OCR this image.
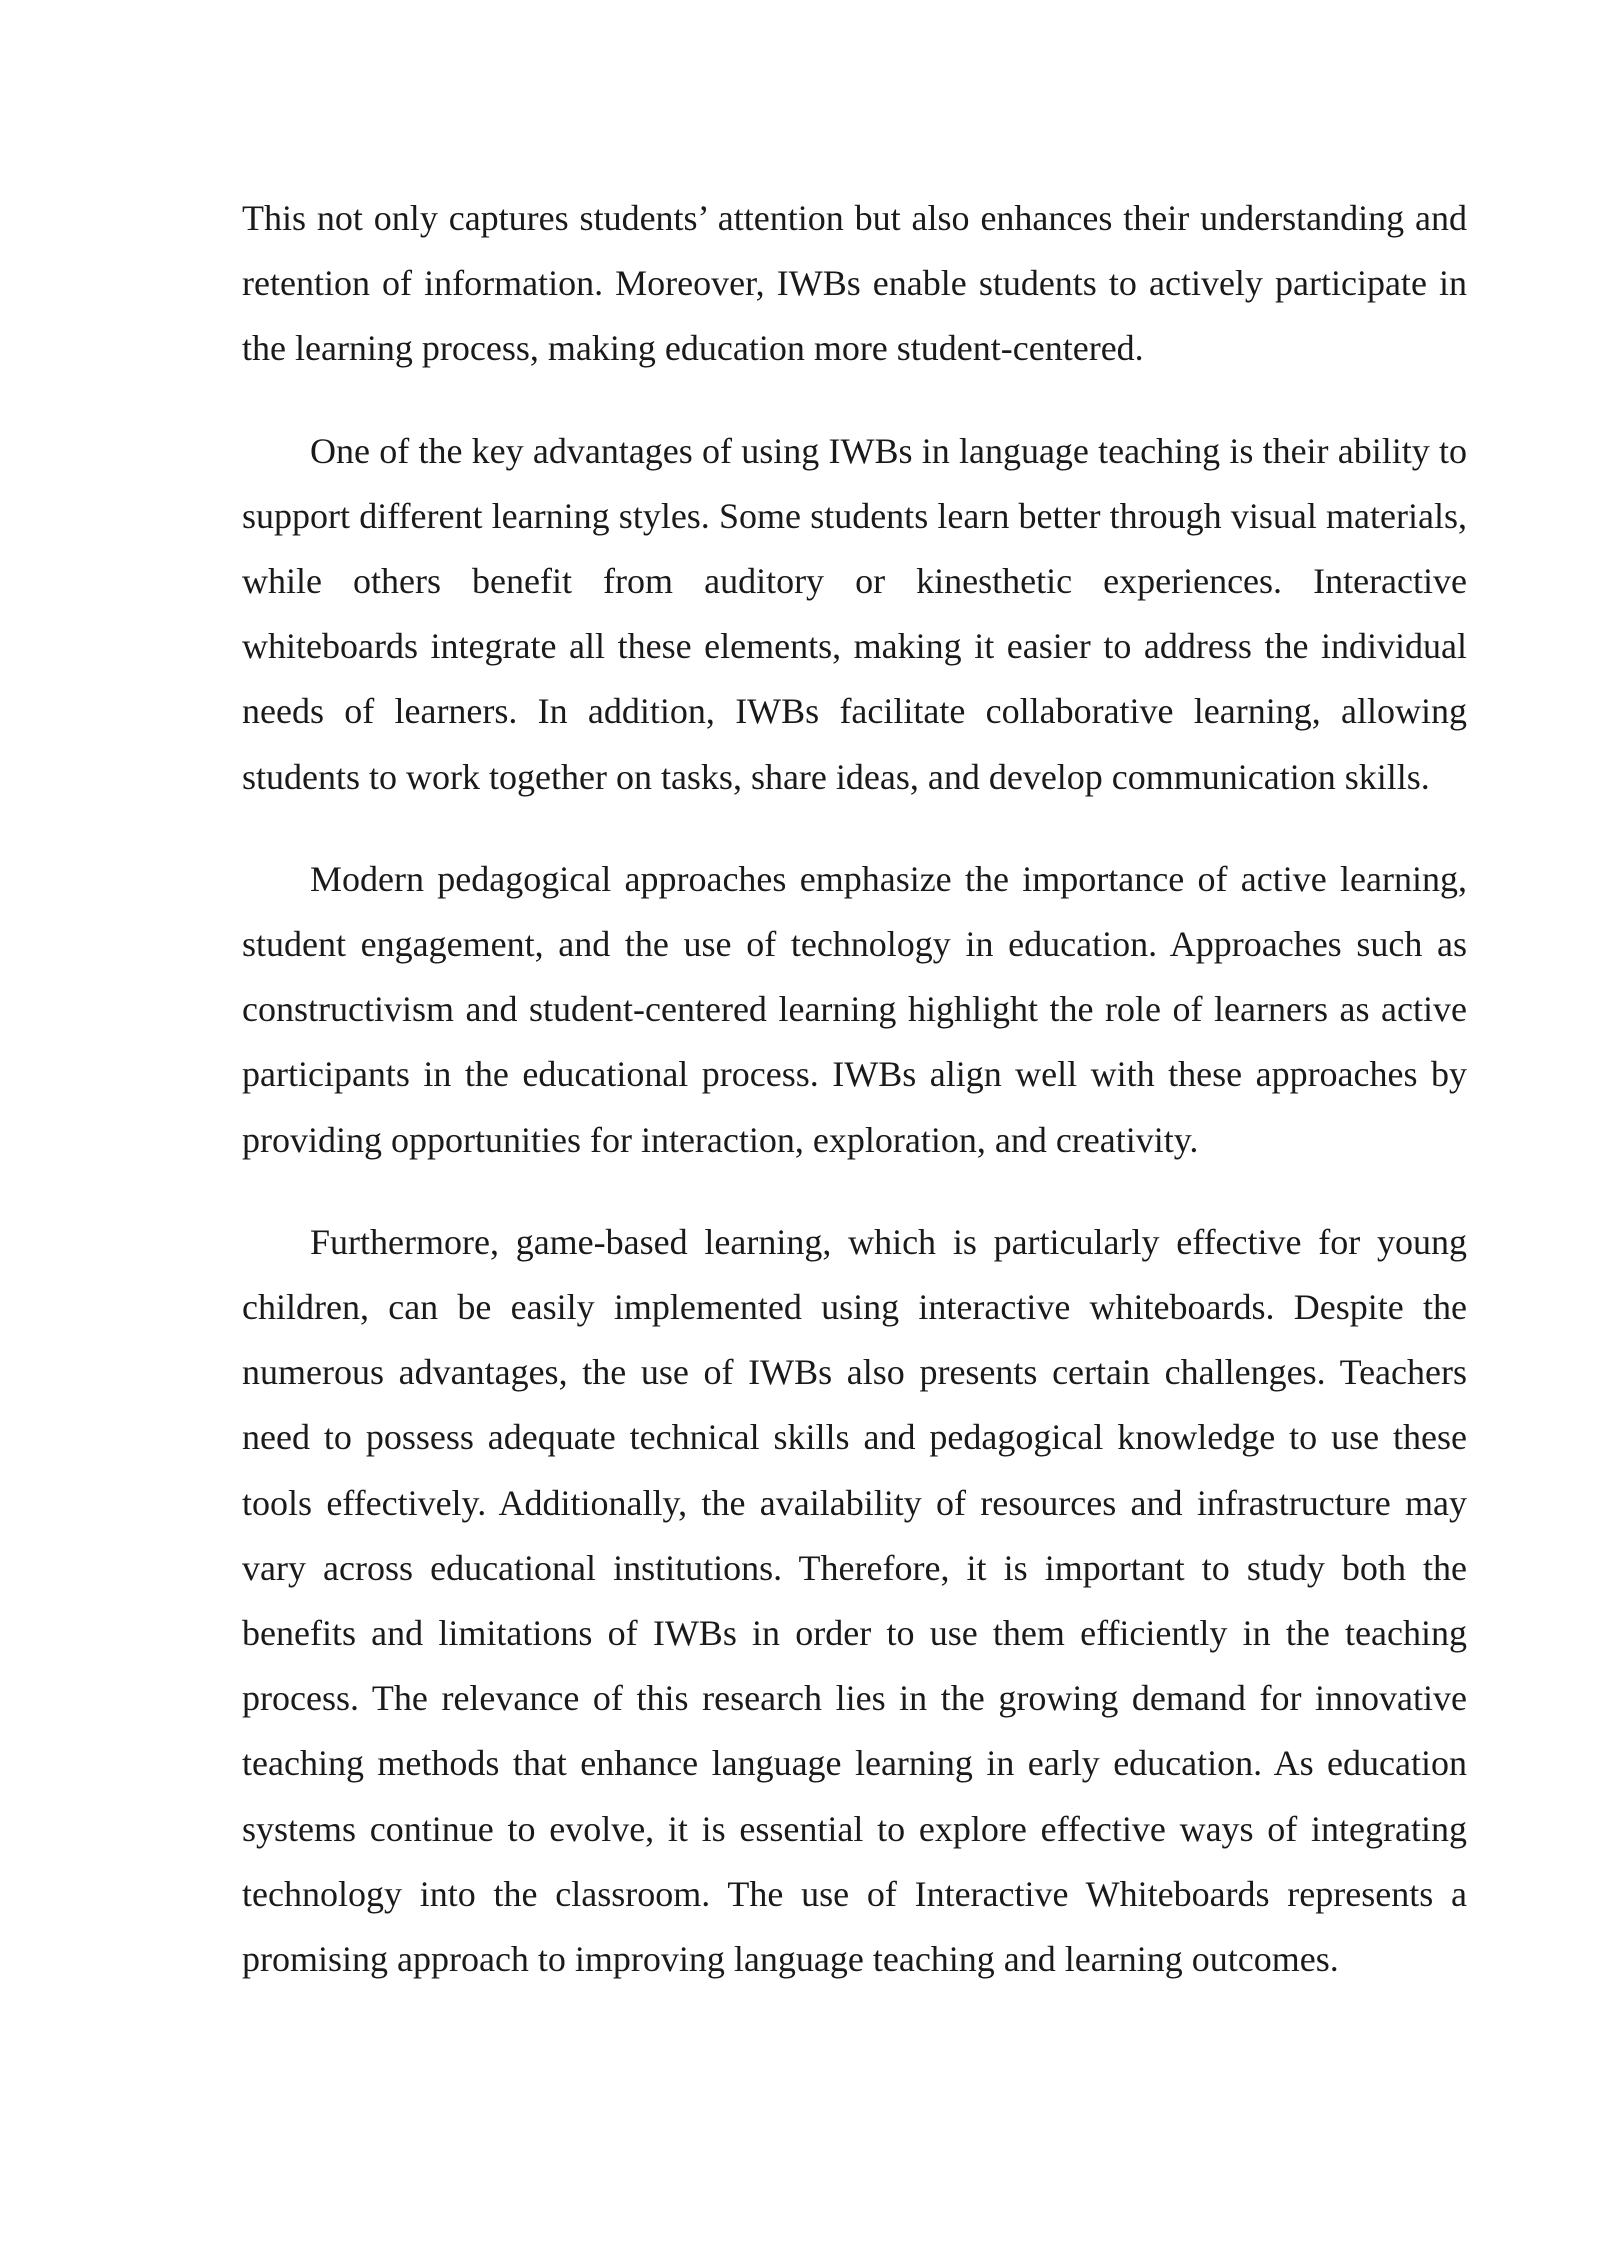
This not only captures students’ attention but also enhances their understanding and retention of information. Moreover, IWBs enable students to actively participate in the learning process, making education more student-centered.

One of the key advantages of using IWBs in language teaching is their ability to support different learning styles. Some students learn better through visual materials, while others benefit from auditory or kinesthetic experiences. Interactive whiteboards integrate all these elements, making it easier to address the individual needs of learners. In addition, IWBs facilitate collaborative learning, allowing students to work together on tasks, share ideas, and develop communication skills.

Modern pedagogical approaches emphasize the importance of active learning, student engagement, and the use of technology in education. Approaches such as constructivism and student-centered learning highlight the role of learners as active participants in the educational process. IWBs align well with these approaches by providing opportunities for interaction, exploration, and creativity.

Furthermore, game-based learning, which is particularly effective for young children, can be easily implemented using interactive whiteboards. Despite the numerous advantages, the use of IWBs also presents certain challenges. Teachers need to possess adequate technical skills and pedagogical knowledge to use these tools effectively. Additionally, the availability of resources and infrastructure may vary across educational institutions. Therefore, it is important to study both the benefits and limitations of IWBs in order to use them efficiently in the teaching process. The relevance of this research lies in the growing demand for innovative teaching methods that enhance language learning in early education. As education systems continue to evolve, it is essential to explore effective ways of integrating technology into the classroom. The use of Interactive Whiteboards represents a promising approach to improving language teaching and learning outcomes.
